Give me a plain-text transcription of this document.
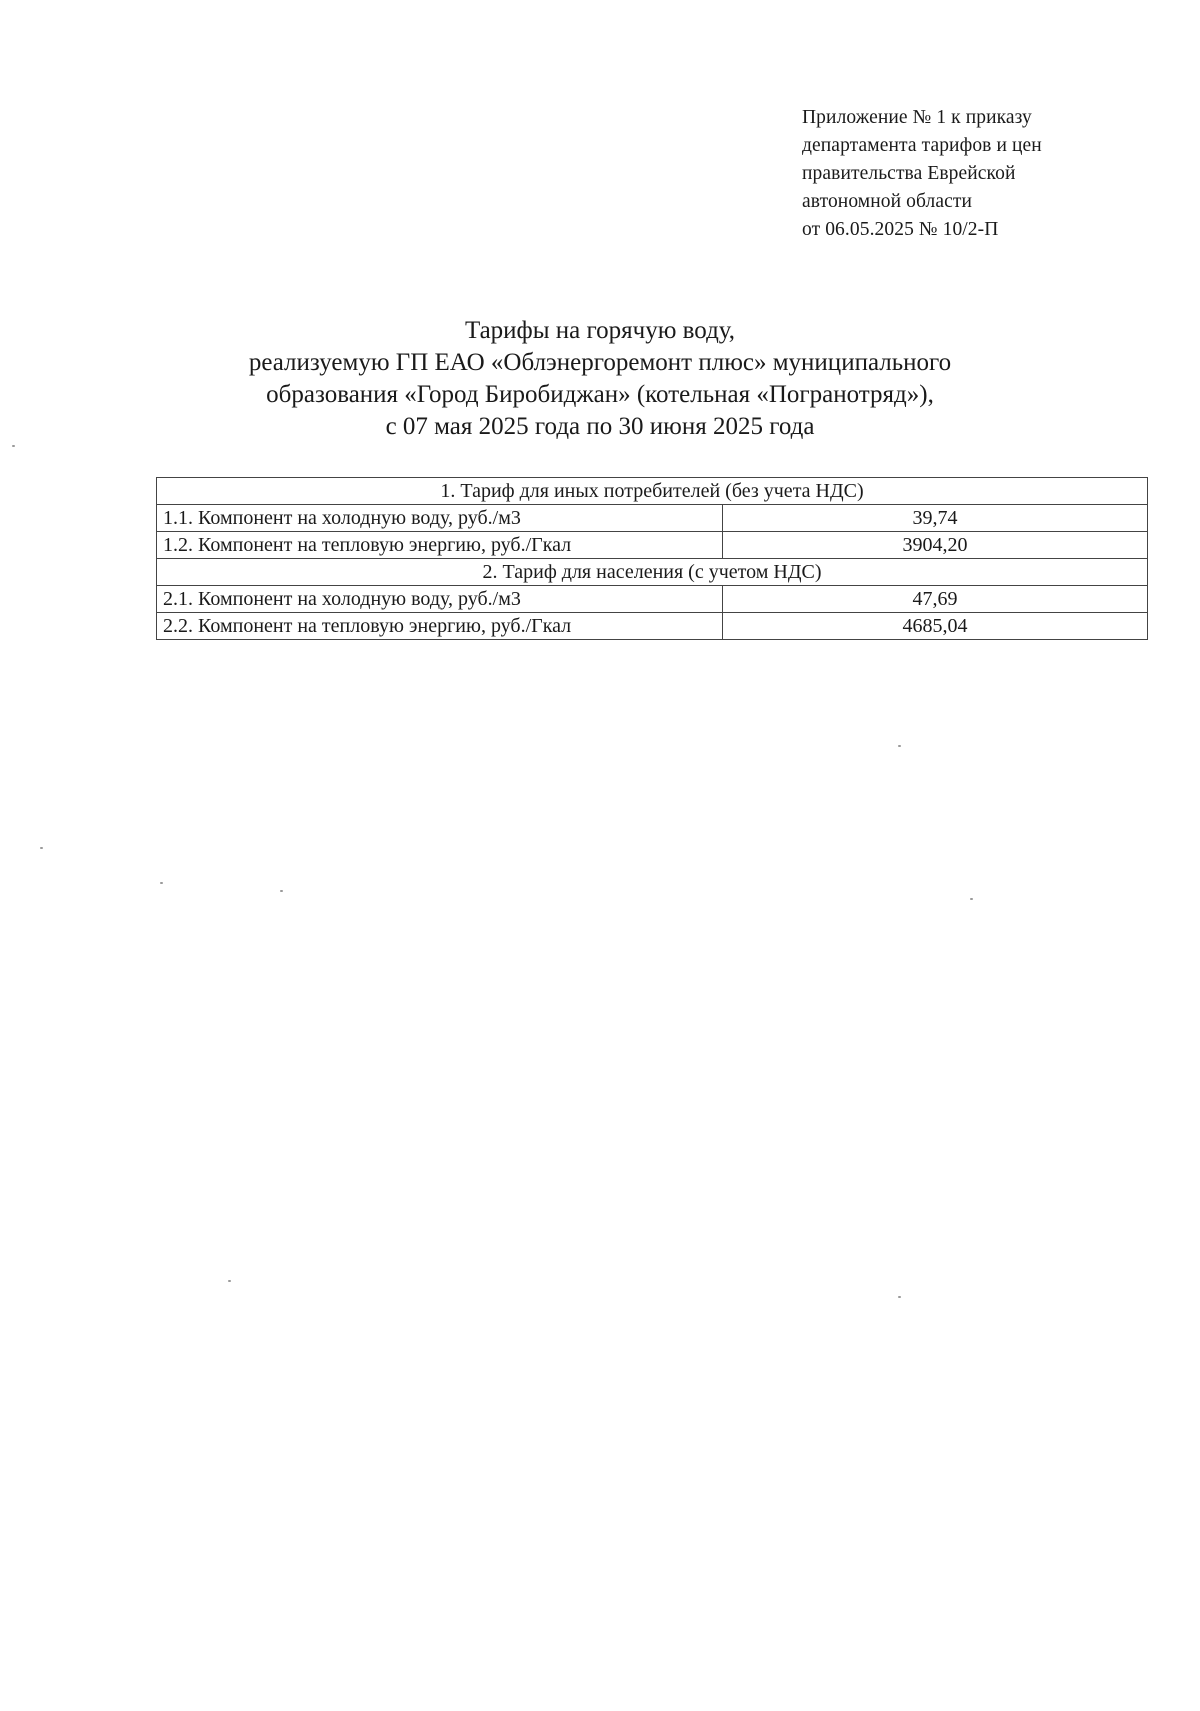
Приложение № 1 к приказу
департамента тарифов и цен
правительства Еврейской
автономной области
от 06.05.2025 № 10/2-П
Тарифы на горячую воду,
реализуемую ГП ЕАО «Облэнергоремонт плюс» муниципального
образования «Город Биробиджан» (котельная «Погранотряд»),
с 07 мая 2025 года по 30 июня 2025 года
1. Тариф для иных потребителей (без учета НДС)	
1.1. Компонент на холодную воду, руб./м3	39,74
1.2. Компонент на тепловую энергию, руб./Гкал	3904,20
2. Тариф для населения (с учетом НДС)	
2.1. Компонент на холодную воду, руб./м3	47,69
2.2. Компонент на тепловую энергию, руб./Гкал	4685,04
